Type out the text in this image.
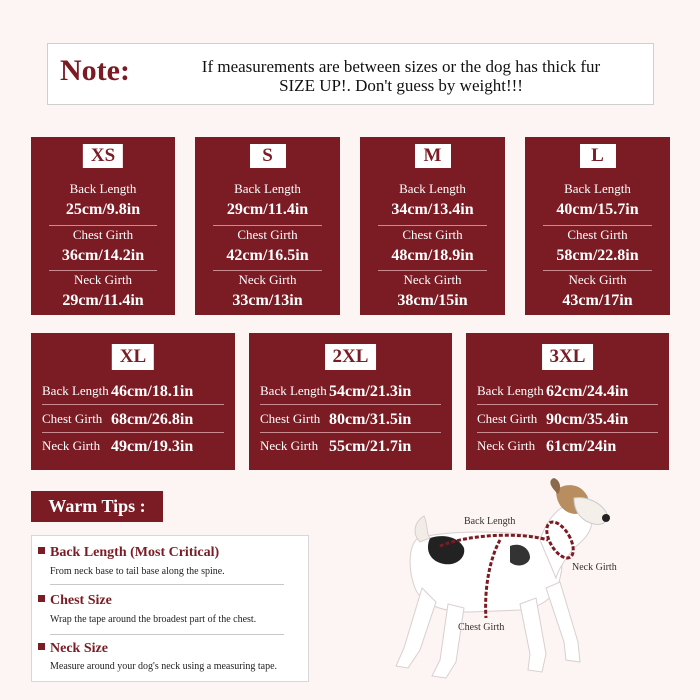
Note:	If measurements are between sizes or the dog has thick fur
SIZE UP!. Don't guess by weight!!!
XS
Back Length
25cm/9.8in
Chest Girth
36cm/14.2in
Neck Girth
29cm/11.4in
S
Back Length
29cm/11.4in
Chest Girth
42cm/16.5in
Neck Girth
33cm/13in
M
Back Length
34cm/13.4in
Chest Girth
48cm/18.9in
Neck Girth
38cm/15in
L
Back Length
40cm/15.7in
Chest Girth
58cm/22.8in
Neck Girth
43cm/17in
XL
Back Length 46cm/18.1in
Chest Girth 68cm/26.8in
Neck Girth 49cm/19.3in
2XL
Back Length 54cm/21.3in
Chest Girth 80cm/31.5in
Neck Girth 55cm/21.7in
3XL
Back Length 62cm/24.4in
Chest Girth 90cm/35.4in
Neck Girth 61cm/24in
Warm Tips :
Back Length (Most Critical)
From neck base to tail base along the spine.
Chest Size
Wrap the tape around the broadest part of the chest.
Neck Size
Measure around your dog's neck using a measuring tape.
Back Length
Neck Girth
Chest Girth
